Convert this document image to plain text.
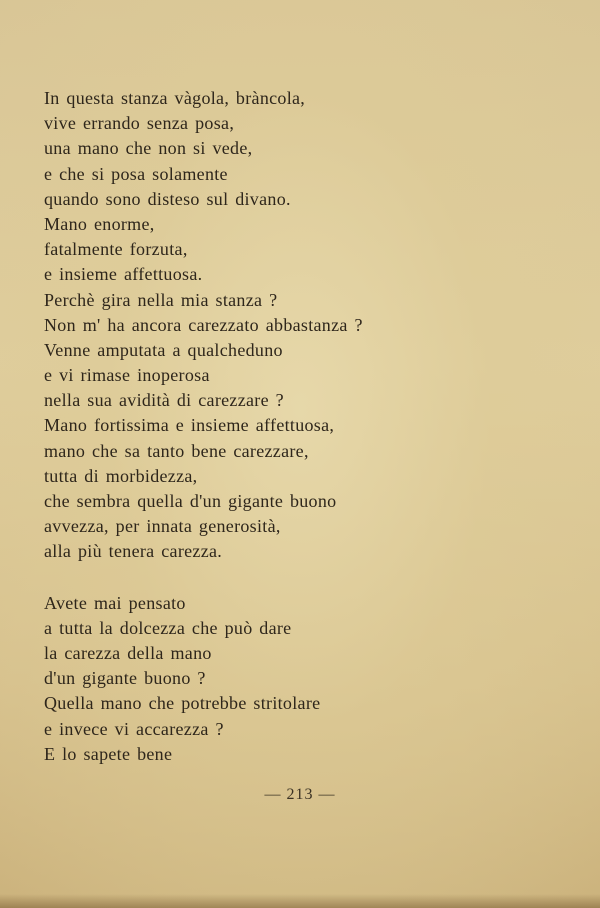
In questa stanza vàgola, bràncola,
vive errando senza posa,
una mano che non si vede,
e che si posa solamente
quando sono disteso sul divano.
Mano enorme,
fatalmente forzuta,
e insieme affettuosa.
Perchè gira nella mia stanza ?
Non m' ha ancora carezzato abbastanza ?
Venne amputata a qualcheduno
e vi rimase inoperosa
nella sua avidità di carezzare ?
Mano fortissima e insieme affettuosa,
mano che sa tanto bene carezzare,
tutta di morbidezza,
che sembra quella d'un gigante buono
avvezza, per innata generosità,
alla più tenera carezza.
Avete mai pensato
a tutta la dolcezza che può dare
la carezza della mano
d'un gigante buono ?
Quella mano che potrebbe stritolare
e invece vi accarezza ?
E lo sapete bene
— 213 —
